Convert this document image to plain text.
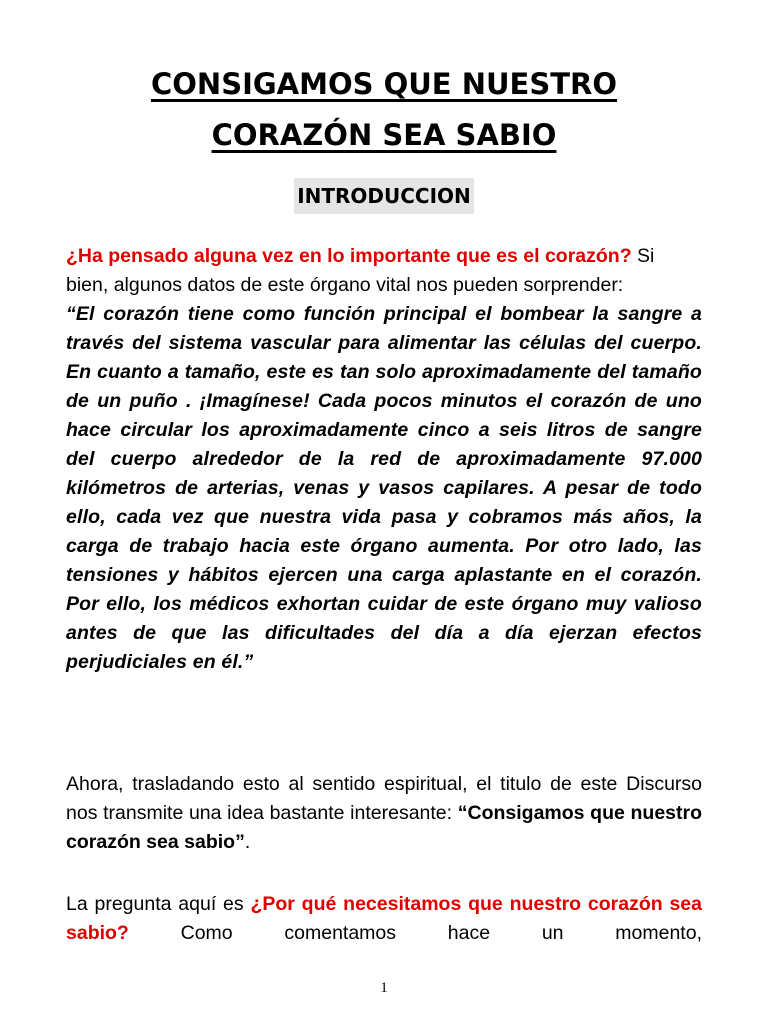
CONSIGAMOS QUE NUESTRO
CORAZÓN SEA SABIO
INTRODUCCION
¿Ha pensado alguna vez en lo importante que es el corazón? Si bien, algunos datos de este órgano vital nos pueden sorprender:
“El corazón tiene como función principal el bombear la sangre a través del sistema vascular para alimentar las células del cuerpo. En cuanto a tamaño, este es tan solo aproximadamente del tamaño de un puño . ¡Imagínese! Cada pocos minutos el corazón de uno hace circular los aproximadamente cinco a seis litros de sangre del cuerpo alrededor de la red de aproximadamente 97.000 kilómetros de arterias, venas y vasos capilares. A pesar de todo ello, cada vez que nuestra vida pasa y cobramos más años, la carga de trabajo hacia este órgano aumenta. Por otro lado, las tensiones y hábitos ejercen una carga aplastante en el corazón. Por ello, los médicos exhortan cuidar de este órgano muy valioso antes de que las dificultades del día a día ejerzan efectos perjudiciales en él.”
Ahora, trasladando esto al sentido espiritual, el titulo de este Discurso nos transmite una idea bastante interesante: “Consigamos que nuestro corazón sea sabio”.
La pregunta aquí es ¿Por qué necesitamos que nuestro corazón sea sabio? Como comentamos hace un momento,
1
